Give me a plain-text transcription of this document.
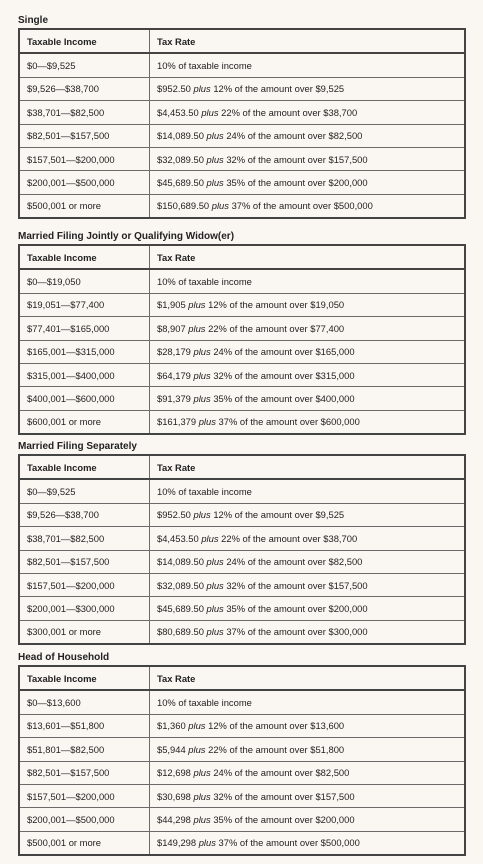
Single
Taxable Income	Tax Rate
$0—$9,525	10% of taxable income
$9,526—$38,700	$952.50 plus 12% of the amount over $9,525
$38,701—$82,500	$4,453.50 plus 22% of the amount over $38,700
$82,501—$157,500	$14,089.50 plus 24% of the amount over $82,500
$157,501—$200,000	$32,089.50 plus 32% of the amount over $157,500
$200,001—$500,000	$45,689.50 plus 35% of the amount over $200,000
$500,001 or more	$150,689.50 plus 37% of the amount over $500,000
Married Filing Jointly or Qualifying Widow(er)
Taxable Income	Tax Rate
$0—$19,050	10% of taxable income
$19,051—$77,400	$1,905 plus 12% of the amount over $19,050
$77,401—$165,000	$8,907 plus 22% of the amount over $77,400
$165,001—$315,000	$28,179 plus 24% of the amount over $165,000
$315,001—$400,000	$64,179 plus 32% of the amount over $315,000
$400,001—$600,000	$91,379 plus 35% of the amount over $400,000
$600,001 or more	$161,379 plus 37% of the amount over $600,000
Married Filing Separately
Taxable Income	Tax Rate
$0—$9,525	10% of taxable income
$9,526—$38,700	$952.50 plus 12% of the amount over $9,525
$38,701—$82,500	$4,453.50 plus 22% of the amount over $38,700
$82,501—$157,500	$14,089.50 plus 24% of the amount over $82,500
$157,501—$200,000	$32,089.50 plus 32% of the amount over $157,500
$200,001—$300,000	$45,689.50 plus 35% of the amount over $200,000
$300,001 or more	$80,689.50 plus 37% of the amount over $300,000
Head of Household
Taxable Income	Tax Rate
$0—$13,600	10% of taxable income
$13,601—$51,800	$1,360 plus 12% of the amount over $13,600
$51,801—$82,500	$5,944 plus 22% of the amount over $51,800
$82,501—$157,500	$12,698 plus 24% of the amount over $82,500
$157,501—$200,000	$30,698 plus 32% of the amount over $157,500
$200,001—$500,000	$44,298 plus 35% of the amount over $200,000
$500,001 or more	$149,298 plus 37% of the amount over $500,000
